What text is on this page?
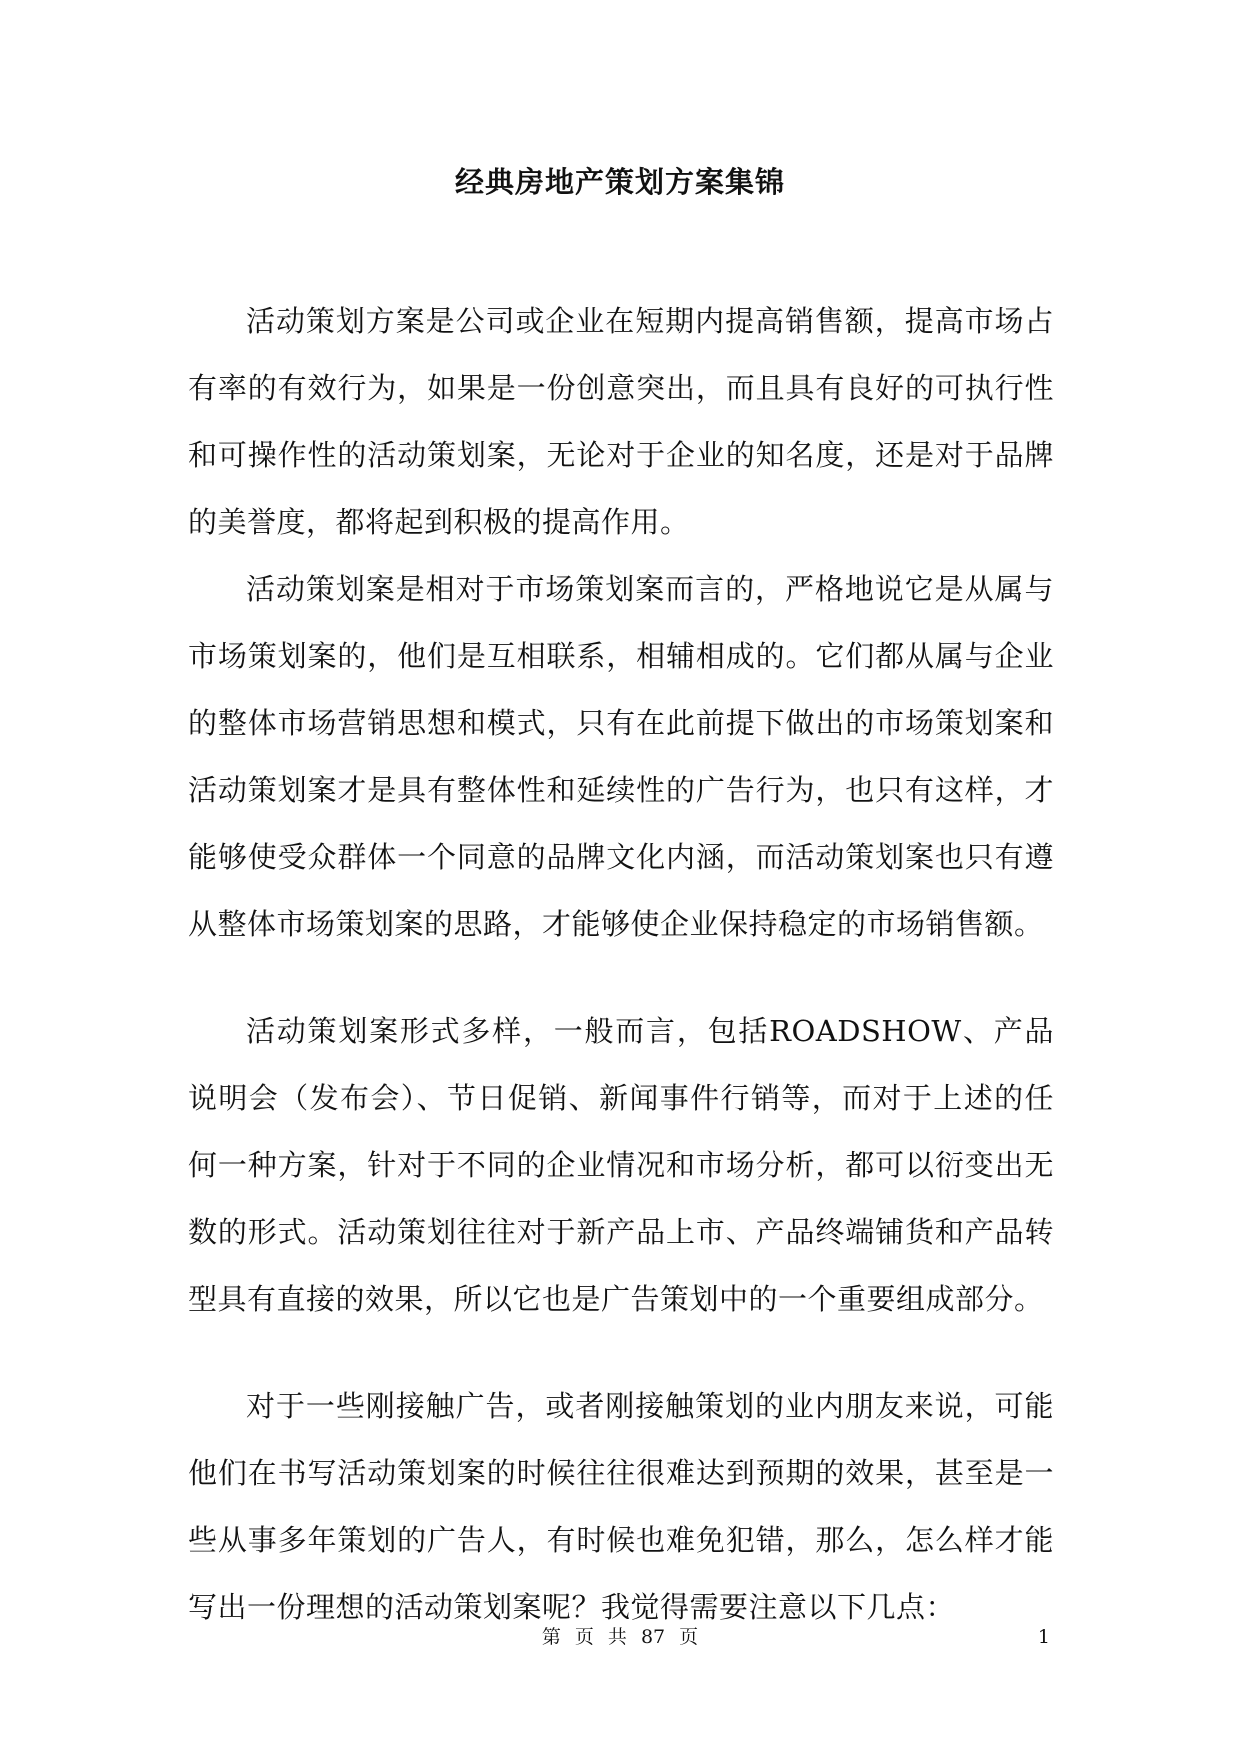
经典房地产策划方案集锦

活动策划方案是公司或企业在短期内提高销售额，提高市场占有率的有效行为，如果是一份创意突出，而且具有良好的可执行性和可操作性的活动策划案，无论对于企业的知名度，还是对于品牌的美誉度，都将起到积极的提高作用。

活动策划案是相对于市场策划案而言的，严格地说它是从属与市场策划案的，他们是互相联系，相辅相成的。它们都从属与企业的整体市场营销思想和模式，只有在此前提下做出的市场策划案和活动策划案才是具有整体性和延续性的广告行为，也只有这样，才能够使受众群体一个同意的品牌文化内涵，而活动策划案也只有遵从整体市场策划案的思路，才能够使企业保持稳定的市场销售额。

活动策划案形式多样，一般而言，包括ROADSHOW、产品说明会（发布会）、节日促销、新闻事件行销等，而对于上述的任何一种方案，针对于不同的企业情况和市场分析，都可以衍变出无数的形式。活动策划往往对于新产品上市、产品终端铺货和产品转型具有直接的效果，所以它也是广告策划中的一个重要组成部分。

对于一些刚接触广告，或者刚接触策划的业内朋友来说，可能他们在书写活动策划案的时候往往很难达到预期的效果，甚至是一些从事多年策划的广告人，有时候也难免犯错，那么，怎么样才能写出一份理想的活动策划案呢？我觉得需要注意以下几点：

第 页 共 87 页	1
